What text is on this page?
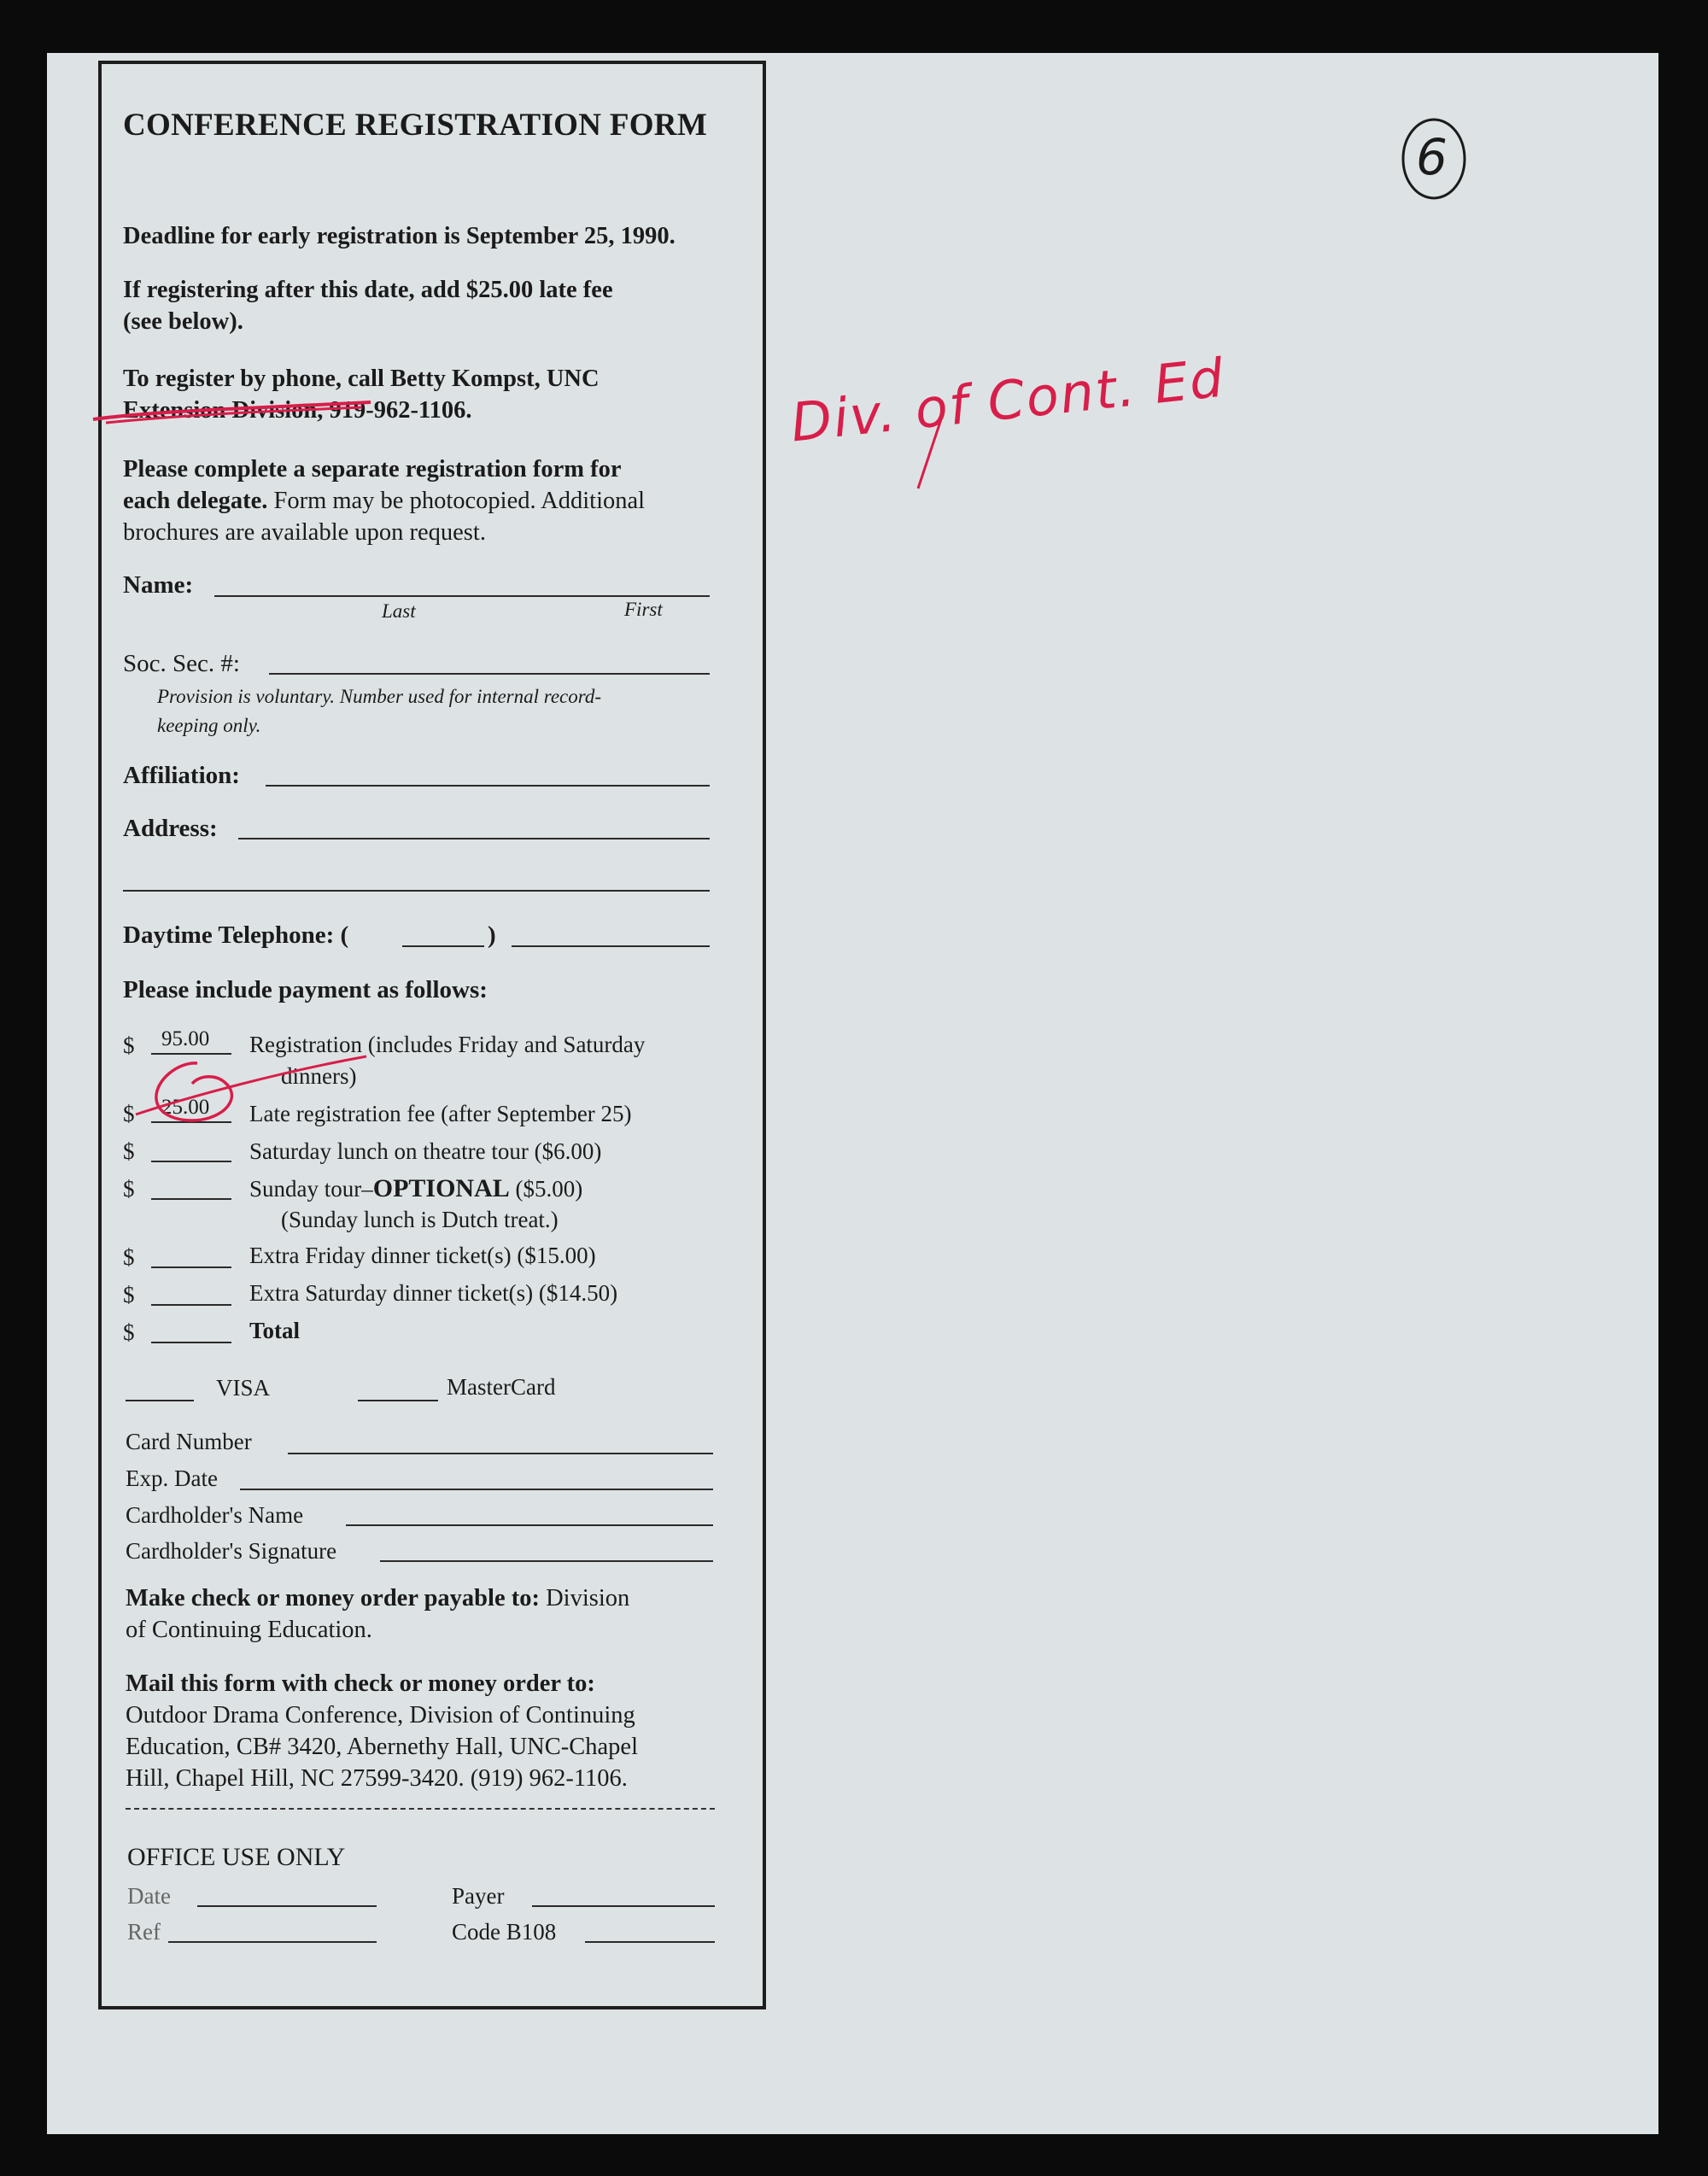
6
Div. of Cont. Ed
CONFERENCE REGISTRATION FORM
Deadline for early registration is September 25, 1990.
If registering after this date, add $25.00 late fee
(see below).
To register by phone, call Betty Kompst, UNC
Extension Division, 919-962-1106.
Please complete a separate registration form for
each delegate. Form may be photocopied. Additional
brochures are available upon request.
Name:
Last	First
Soc. Sec. #:
Provision is voluntary. Number used for internal record-
keeping only.
Affiliation:
Address:
Daytime Telephone: (	)
Please include payment as follows:
$ 95.00 Registration (includes Friday and Saturday
dinners)
$ 25.00 Late registration fee (after September 25)
$	Saturday lunch on theatre tour ($6.00)
$	Sunday tour–OPTIONAL ($5.00)
(Sunday lunch is Dutch treat.)
$	Extra Friday dinner ticket(s) ($15.00)
$	Extra Saturday dinner ticket(s) ($14.50)
$	Total
VISA	MasterCard
Card Number
Exp. Date
Cardholder's Name
Cardholder's Signature
Make check or money order payable to: Division
of Continuing Education.
Mail this form with check or money order to:
Outdoor Drama Conference, Division of Continuing
Education, CB# 3420, Abernethy Hall, UNC-Chapel
Hill, Chapel Hill, NC 27599-3420. (919) 962-1106.
OFFICE USE ONLY
Date	Payer
Ref	Code B108
